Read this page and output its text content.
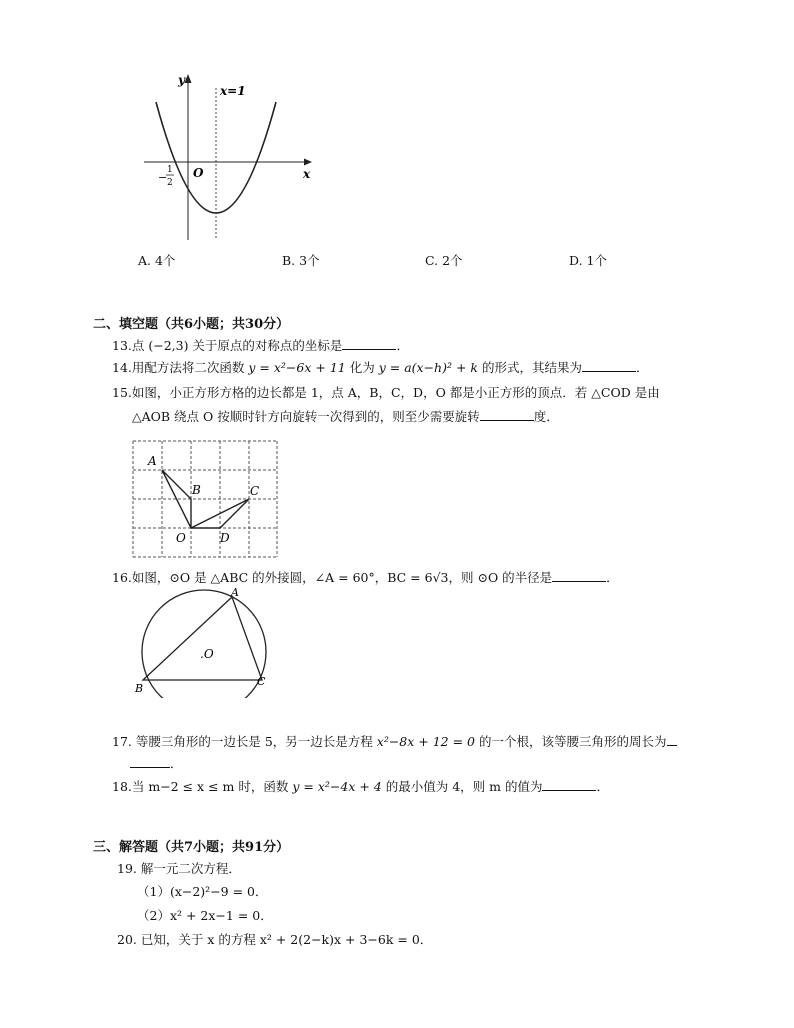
y
x
x=1
O
−
1
2
A. 4个	B. 3个	C. 2个	D. 1个
二、填空题（共6小题；共30分）
13.点 (−2,3) 关于原点的对称点的坐标是	．
14.用配方法将二次函数 y = x²−6x + 11 化为 y = a(x−h)² + k 的形式，其结果为	．
15.如图，小正方形方格的边长都是 1，点 A，B，C，D，O 都是小正方形的顶点．若 △COD 是由
△AOB 绕点 O 按顺时针方向旋转一次得到的，则至少需要旋转	度．
A
B	C
O	D
16.如图，⊙O 是 △ABC 的外接圆，∠A = 60°，BC = 6√3，则 ⊙O 的半径是	．
A
B
C
.O
17. 等腰三角形的一边长是 5，另一边长是方程 x²−8x + 12 = 0 的一个根，该等腰三角形的周长为
．
18.当 m−2 ≤ x ≤ m 时，函数 y = x²−4x + 4 的最小值为 4，则 m 的值为	．
三、解答题（共7小题；共91分）
19. 解一元二次方程．
（1）(x−2)²−9 = 0．
（2）x² + 2x−1 = 0．
20. 已知，关于 x 的方程 x² + 2(2−k)x + 3−6k = 0．
